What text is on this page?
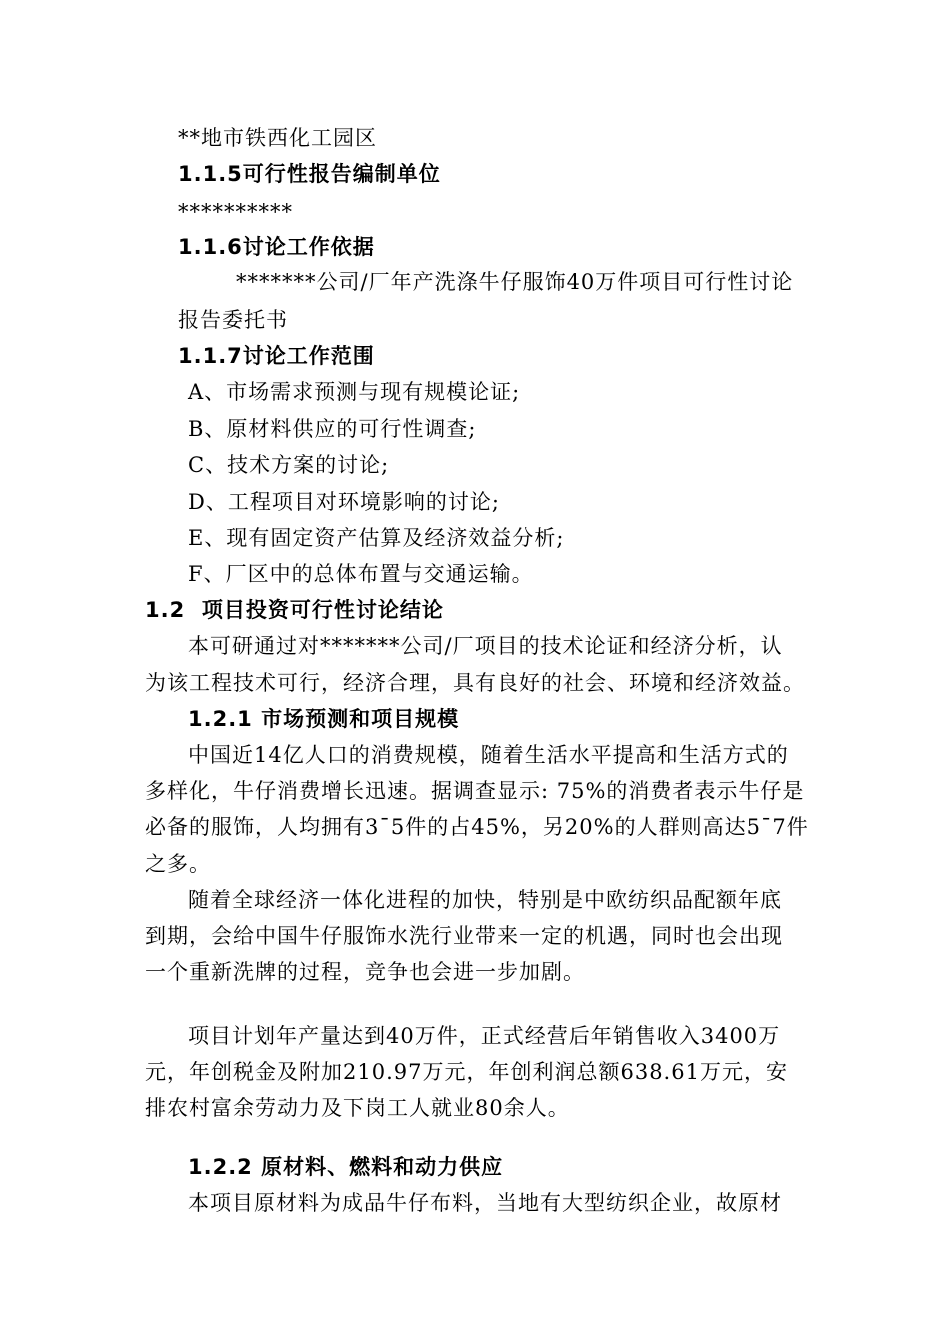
**地市铁西化工园区
1.1.5可行性报告编制单位
**********
1.1.6讨论工作依据
*******公司/厂年产洗涤牛仔服饰40万件项目可行性讨论
报告委托书
1.1.7讨论工作范围
A、市场需求预测与现有规模论证;
B、原材料供应的可行性调查;
C、技术方案的讨论;
D、工程项目对环境影响的讨论;
E、现有固定资产估算及经济效益分析;
F、厂区中的总体布置与交通运输。
1.2  项目投资可行性讨论结论
本可研通过对*******公司/厂项目的技术论证和经济分析，认
为该工程技术可行，经济合理，具有良好的社会、环境和经济效益。
1.2.1 市场预测和项目规模
中国近14亿人口的消费规模，随着生活水平提高和生活方式的
多样化，牛仔消费增长迅速。据调查显示: 75%的消费者表示牛仔是
必备的服饰，人均拥有3¯5件的占45%，另20%的人群则高达5¯7件
之多。
随着全球经济一体化进程的加快，特别是中欧纺织品配额年底
到期，会给中国牛仔服饰水洗行业带来一定的机遇，同时也会出现
一个重新洗牌的过程，竞争也会进一步加剧。
项目计划年产量达到40万件，正式经营后年销售收入3400万
元，年创税金及附加210.97万元，年创利润总额638.61万元，安
排农村富余劳动力及下岗工人就业80余人。
1.2.2 原材料、燃料和动力供应
本项目原材料为成品牛仔布料，当地有大型纺织企业，故原材
